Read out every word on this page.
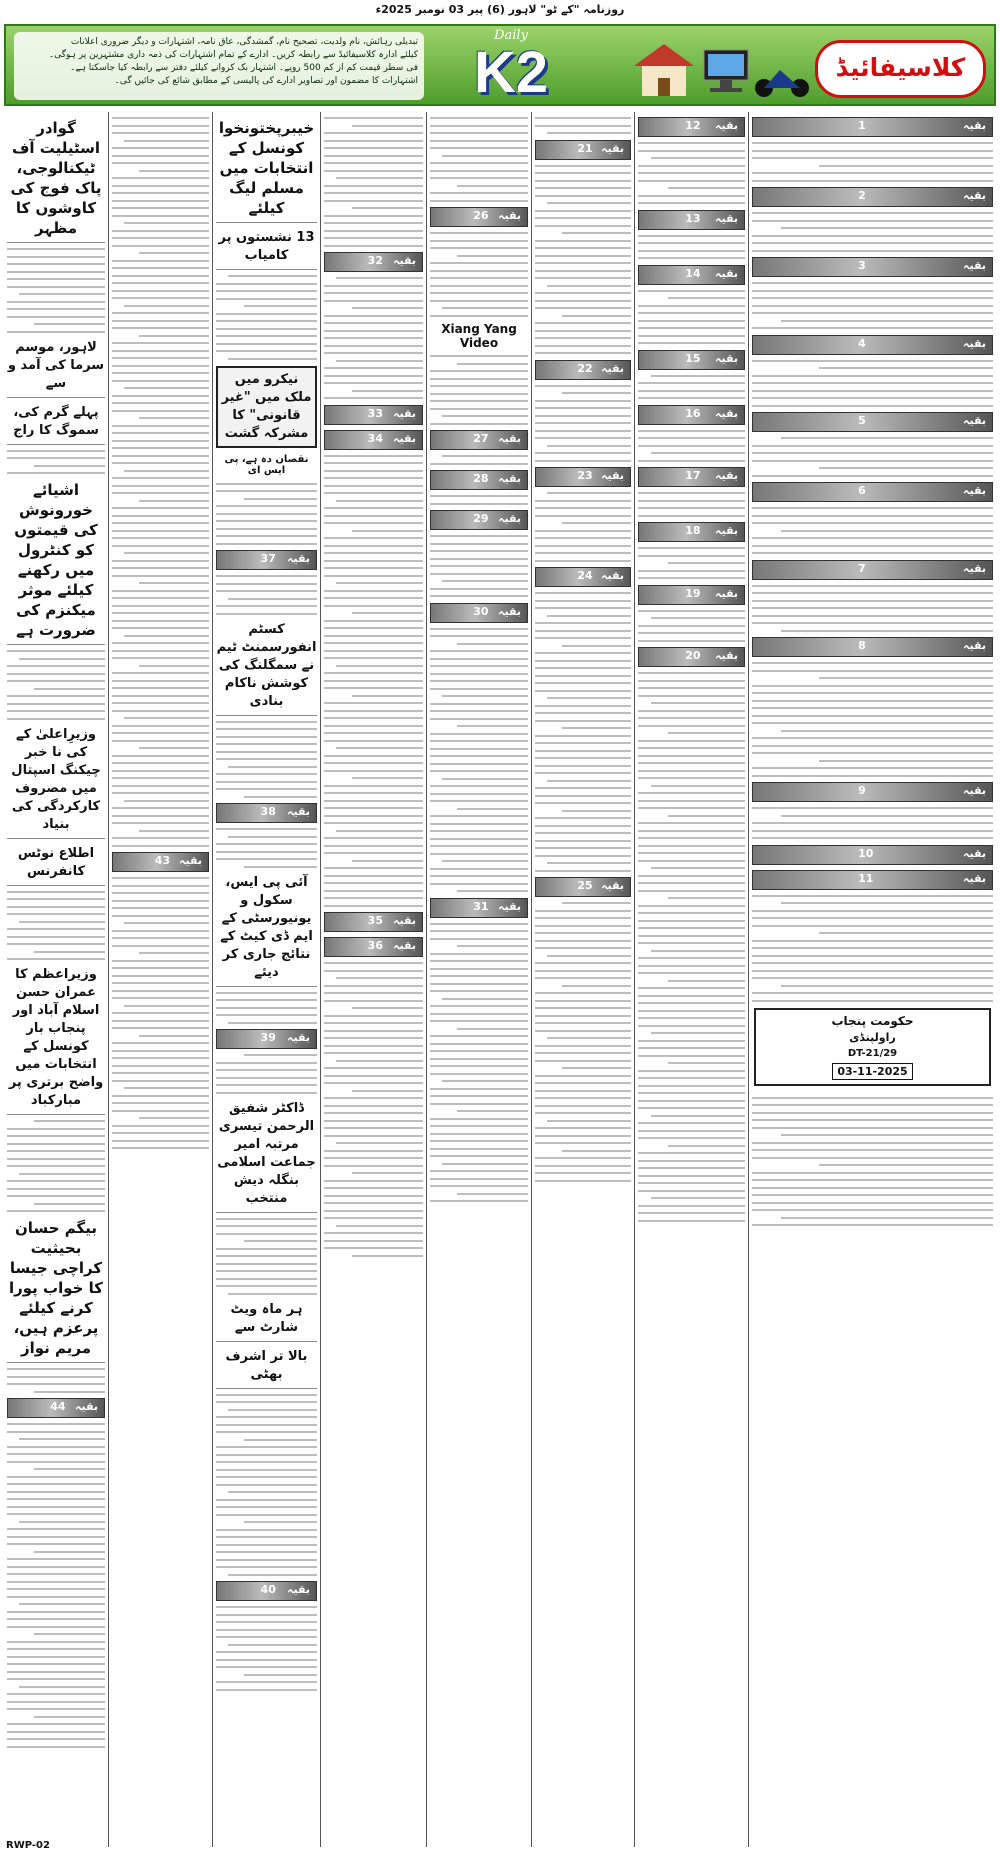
روزنامہ "کے ٹو" لاہور (6) پیر 03 نومبر 2025ء
تبدیلی رہائش، نام ولدیت، تصحیح نام، گمشدگی، عاق نامہ، اشتہارات و دیگر ضروری اعلانات
کیلئے ادارہ کلاسیفائیڈ سے رابطہ کریں۔ ادارے کے تمام اشتہارات کی ذمہ داری مشتہرین پر ہوگی۔
فی سطر قیمت کم از کم 500 روپے۔ اشتہار بک کروانے کیلئے دفتر سے رابطہ کیا جاسکتا ہے۔
اشتہارات کا مضمون اور تصاویر ادارے کی پالیسی کے مطابق شائع کی جائیں گی۔
Daily
K2	کلاسیفائیڈ
بقیہ
1
بقیہ
2
بقیہ
3
بقیہ
4
بقیہ
5
بقیہ
6
بقیہ
7
بقیہ
8
بقیہ
9
بقیہ
10
بقیہ
11
حکومت پنجاب
راولپنڈی
DT-21/29
03-11-2025
بقیہ
12
بقیہ
13
بقیہ
14
بقیہ
15
بقیہ
16
بقیہ
17
بقیہ
18
بقیہ
19
بقیہ
20
بقیہ
21
بقیہ
22
بقیہ
23
بقیہ
24
بقیہ
25
بقیہ
26
Xiang Yang Video
بقیہ
27
بقیہ
28
بقیہ
29
بقیہ
30
بقیہ
31
بقیہ
32
بقیہ
33
بقیہ
34
بقیہ
35
بقیہ
36
خیبرپختونخوا کونسل کے انتخابات میں مسلم لیگ کیلئے
13 نشستوں پر کامیاب
نیکرو میں ملک میں "غیر قانونی" کا مشرکہ گشت
نقصان دہ ہے، پی ایس ای
بقیہ
37
کسٹم انفورسمنٹ ٹیم نے سمگلنگ کی کوشش ناکام بنادی
بقیہ
38
آئی پی ایس، سکول و یونیورسٹی کے ایم ڈی کیٹ کے نتائج جاری کر دیئے
بقیہ
39
ڈاکٹر شفیق الرحمن تیسری مرتبہ امیر جماعت اسلامی بنگلہ دیش منتخب
ہر ماہ ویٹ شارٹ سے
بالا تر اشرف بھٹی
بقیہ
40
بقیہ
43
گوادر اسٹیلیت آف ٹیکنالوجی، پاک فوج کی کاوشوں کا مظہر
لاہور، موسم سرما کی آمد و سے
پہلے گرم کی، سموگ کا راج
اشیائے خورونوش کی قیمتوں کو کنٹرول میں رکھنے کیلئے موثر میکنزم کی ضرورت ہے
وزیرِاعلیٰ کے کی نا خبر چیکنگ اسپتال میں مصروف کارکردگی کی بنیاد
اطلاع نوٹس کانفرنس
وزیراعظم کا عمران حسن اسلام آباد اور پنجاب بار کونسل کے انتخابات میں واضح برتری پر مبارکباد
بیگم حسان بحیثیت کراچی جیسا کا خواب پورا کرنے کیلئے پرعزم ہیں، مریم نواز
بقیہ
44
RWP-02
